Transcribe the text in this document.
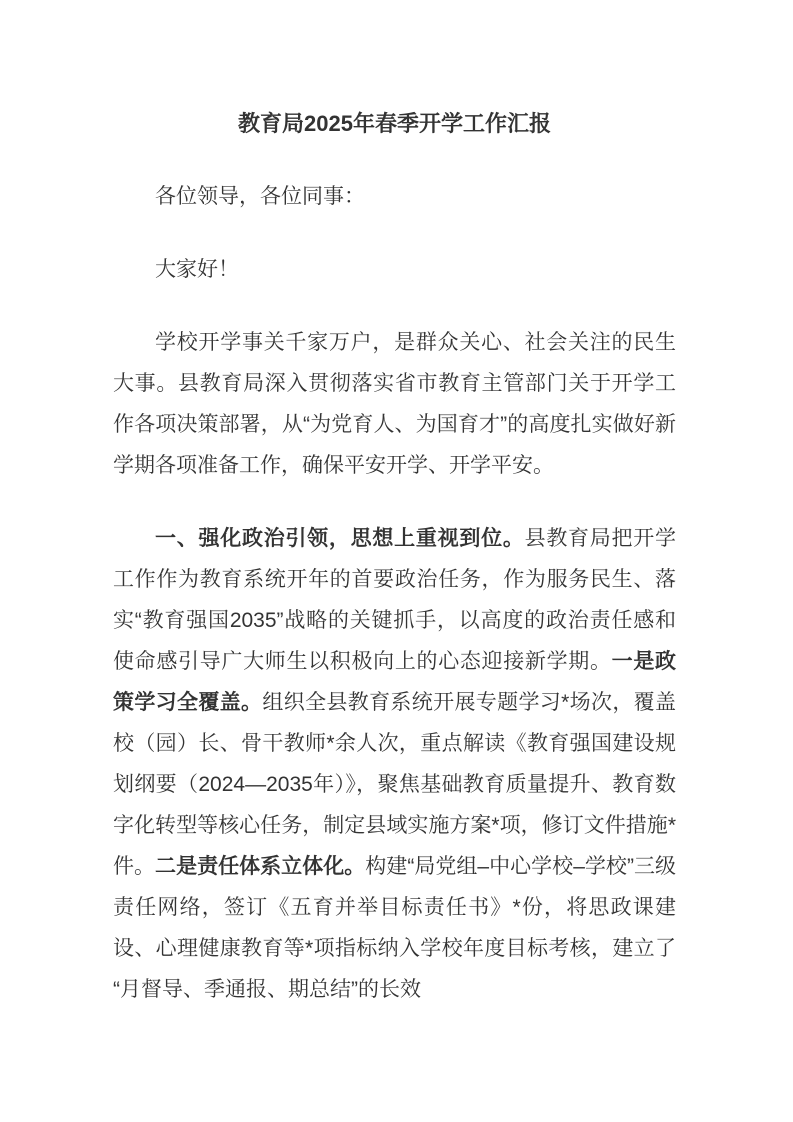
教育局2025年春季开学工作汇报

各位领导，各位同事：

大家好！

学校开学事关千家万户，是群众关心、社会关注的民生大事。县教育局深入贯彻落实省市教育主管部门关于开学工作各项决策部署，从“为党育人、为国育才”的高度扎实做好新学期各项准备工作，确保平安开学、开学平安。

一、强化政治引领，思想上重视到位。县教育局把开学工作作为教育系统开年的首要政治任务，作为服务民生、落实“教育强国2035”战略的关键抓手，以高度的政治责任感和使命感引导广大师生以积极向上的心态迎接新学期。一是政策学习全覆盖。组织全县教育系统开展专题学习*场次，覆盖校（园）长、骨干教师*余人次，重点解读《教育强国建设规划纲要（2024—2035年）》，聚焦基础教育质量提升、教育数字化转型等核心任务，制定县域实施方案*项，修订文件措施*件。二是责任体系立体化。构建“局党组–中心学校–学校”三级责任网络，签订《五育并举目标责任书》*份，将思政课建设、心理健康教育等*项指标纳入学校年度目标考核，建立了“月督导、季通报、期总结”的长效
